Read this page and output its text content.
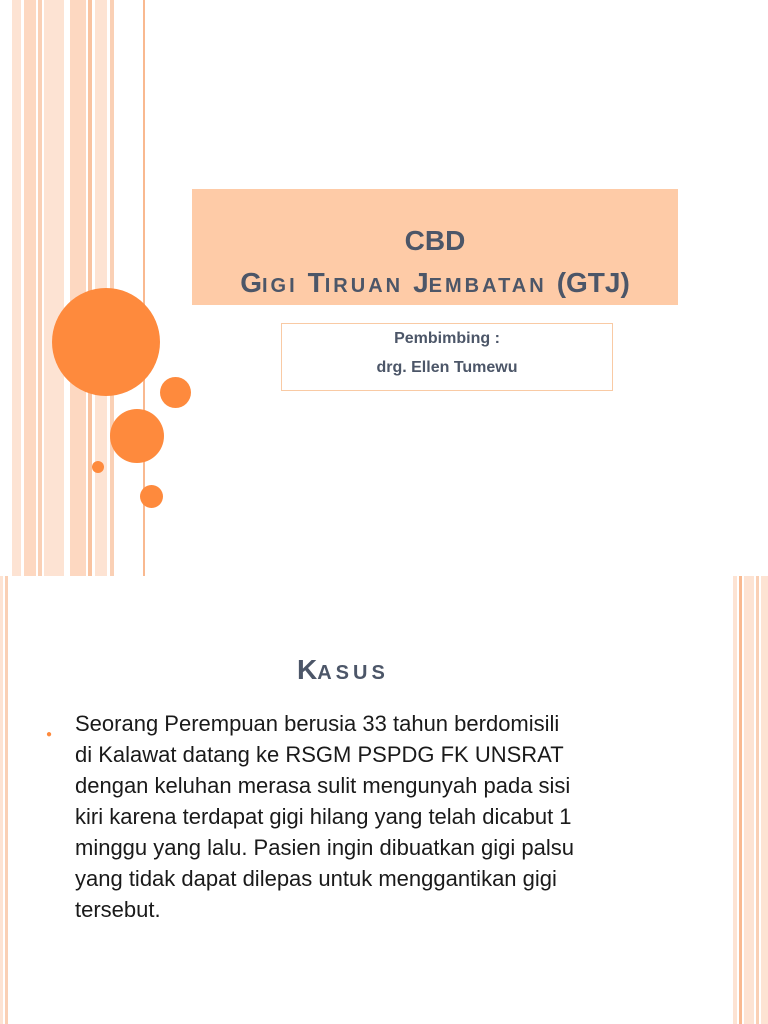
CBD
GIGI TIRUAN JEMBATAN (GTJ)
Pembimbing :
drg. Ellen Tumewu
KASUS
● Seorang Perempuan berusia 33 tahun berdomisili
di Kalawat datang ke RSGM PSPDG FK UNSRAT
dengan keluhan merasa sulit mengunyah pada sisi
kiri karena terdapat gigi hilang yang telah dicabut 1
minggu yang lalu. Pasien ingin dibuatkan gigi palsu
yang tidak dapat dilepas untuk menggantikan gigi
tersebut.
